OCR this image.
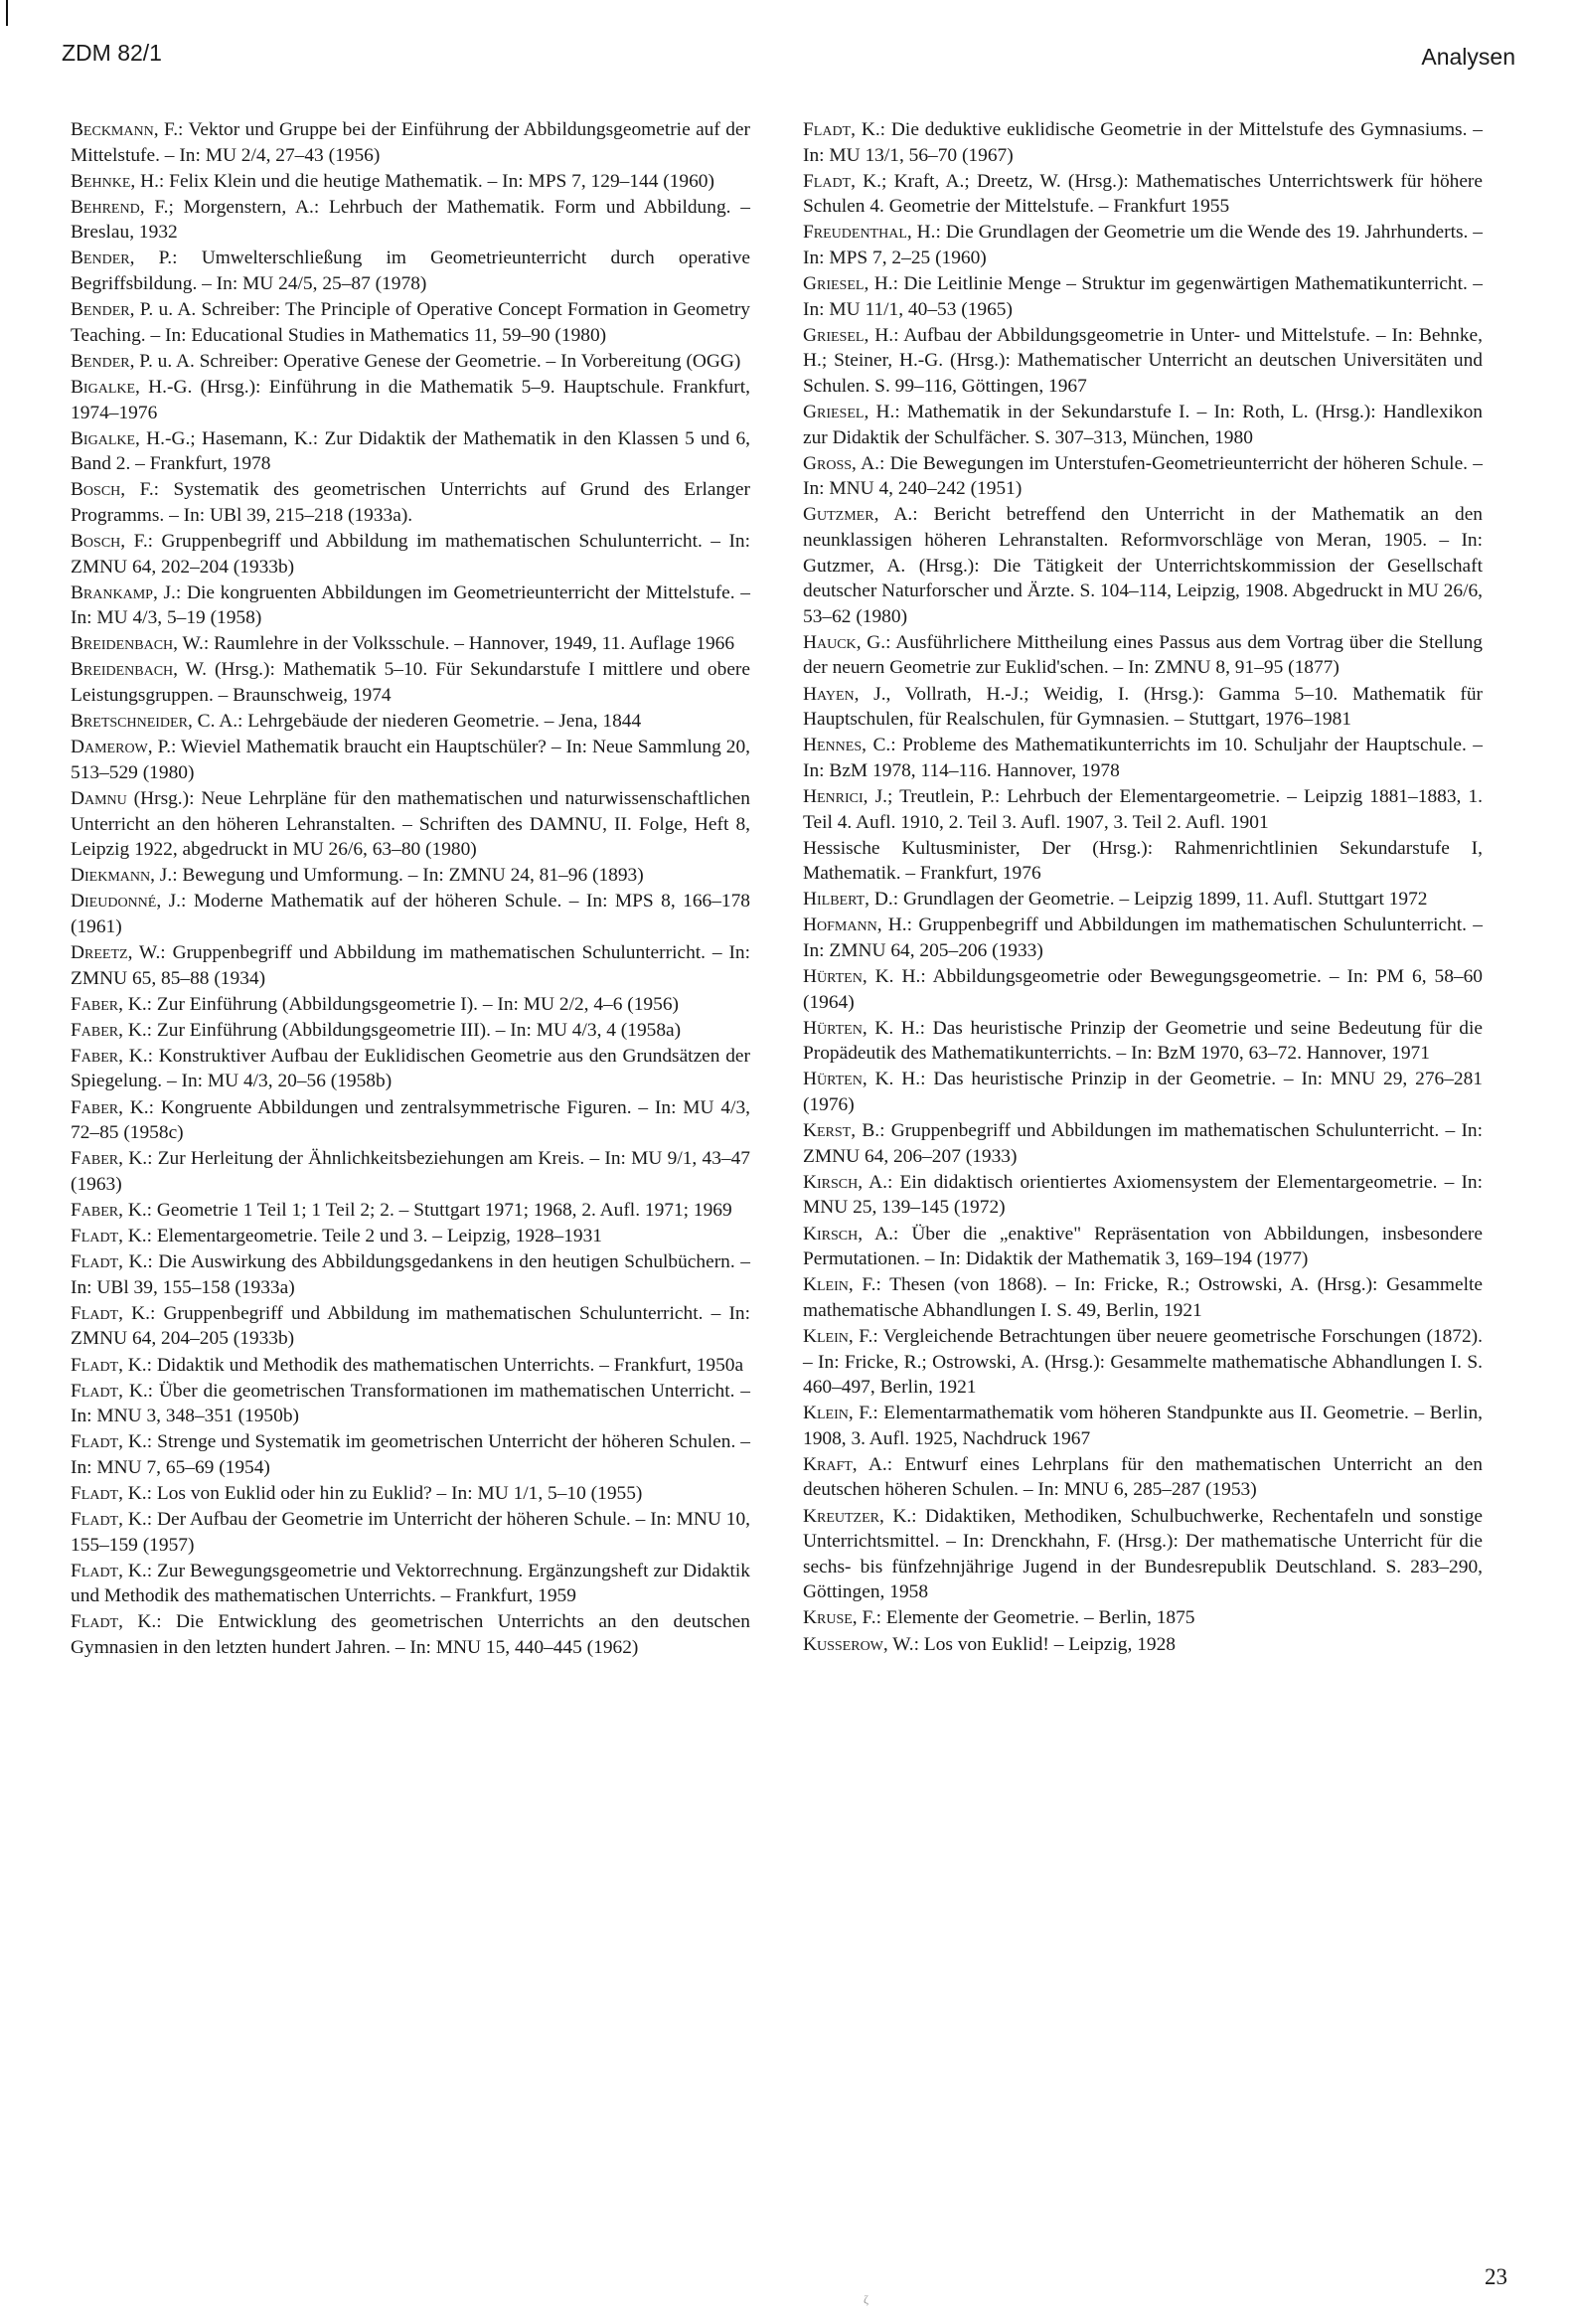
ZDM 82/1	Analysen

Beckmann, F.: Vektor und Gruppe bei der Einführung der Abbildungsgeometrie auf der Mittelstufe. – In: MU 2/4, 27–43 (1956)

Behnke, H.: Felix Klein und die heutige Mathematik. – In: MPS 7, 129–144 (1960)

Behrend, F.; Morgenstern, A.: Lehrbuch der Mathematik. Form und Abbildung. – Breslau, 1932

Bender, P.: Umwelterschließung im Geometrieunterricht durch operative Begriffsbildung. – In: MU 24/5, 25–87 (1978)

Bender, P. u. A. Schreiber: The Principle of Operative Concept Formation in Geometry Teaching. – In: Educational Studies in Mathematics 11, 59–90 (1980)

Bender, P. u. A. Schreiber: Operative Genese der Geometrie. – In Vorbereitung (OGG)

Bigalke, H.-G. (Hrsg.): Einführung in die Mathematik 5–9. Hauptschule. Frankfurt, 1974–1976

Bigalke, H.-G.; Hasemann, K.: Zur Didaktik der Mathematik in den Klassen 5 und 6, Band 2. – Frankfurt, 1978

Bosch, F.: Systematik des geometrischen Unterrichts auf Grund des Erlanger Programms. – In: UBl 39, 215–218 (1933a).

Bosch, F.: Gruppenbegriff und Abbildung im mathematischen Schulunterricht. – In: ZMNU 64, 202–204 (1933b)

Brankamp, J.: Die kongruenten Abbildungen im Geometrieunterricht der Mittelstufe. – In: MU 4/3, 5–19 (1958)

Breidenbach, W.: Raumlehre in der Volksschule. – Hannover, 1949, 11. Auflage 1966

Breidenbach, W. (Hrsg.): Mathematik 5–10. Für Sekundarstufe I mittlere und obere Leistungsgruppen. – Braunschweig, 1974

Bretschneider, C. A.: Lehrgebäude der niederen Geometrie. – Jena, 1844

Damerow, P.: Wieviel Mathematik braucht ein Hauptschüler? – In: Neue Sammlung 20, 513–529 (1980)

Damnu (Hrsg.): Neue Lehrpläne für den mathematischen und naturwissenschaftlichen Unterricht an den höheren Lehranstalten. – Schriften des DAMNU, II. Folge, Heft 8, Leipzig 1922, abgedruckt in MU 26/6, 63–80 (1980)

Diekmann, J.: Bewegung und Umformung. – In: ZMNU 24, 81–96 (1893)

Dieudonné, J.: Moderne Mathematik auf der höheren Schule. – In: MPS 8, 166–178 (1961)

Dreetz, W.: Gruppenbegriff und Abbildung im mathematischen Schulunterricht. – In: ZMNU 65, 85–88 (1934)

Faber, K.: Zur Einführung (Abbildungsgeometrie I). – In: MU 2/2, 4–6 (1956)

Faber, K.: Zur Einführung (Abbildungsgeometrie III). – In: MU 4/3, 4 (1958a)

Faber, K.: Konstruktiver Aufbau der Euklidischen Geometrie aus den Grundsätzen der Spiegelung. – In: MU 4/3, 20–56 (1958b)

Faber, K.: Kongruente Abbildungen und zentralsymmetrische Figuren. – In: MU 4/3, 72–85 (1958c)

Faber, K.: Zur Herleitung der Ähnlichkeitsbeziehungen am Kreis. – In: MU 9/1, 43–47 (1963)

Faber, K.: Geometrie 1 Teil 1; 1 Teil 2; 2. – Stuttgart 1971; 1968, 2. Aufl. 1971; 1969

Fladt, K.: Elementargeometrie. Teile 2 und 3. – Leipzig, 1928–1931

Fladt, K.: Die Auswirkung des Abbildungsgedankens in den heutigen Schulbüchern. – In: UBl 39, 155–158 (1933a)

Fladt, K.: Gruppenbegriff und Abbildung im mathematischen Schulunterricht. – In: ZMNU 64, 204–205 (1933b)

Fladt, K.: Didaktik und Methodik des mathematischen Unterrichts. – Frankfurt, 1950a

Fladt, K.: Über die geometrischen Transformationen im mathematischen Unterricht. – In: MNU 3, 348–351 (1950b)

Fladt, K.: Strenge und Systematik im geometrischen Unterricht der höheren Schulen. – In: MNU 7, 65–69 (1954)

Fladt, K.: Los von Euklid oder hin zu Euklid? – In: MU 1/1, 5–10 (1955)

Fladt, K.: Der Aufbau der Geometrie im Unterricht der höheren Schule. – In: MNU 10, 155–159 (1957)

Fladt, K.: Zur Bewegungsgeometrie und Vektorrechnung. Ergänzungsheft zur Didaktik und Methodik des mathematischen Unterrichts. – Frankfurt, 1959

Fladt, K.: Die Entwicklung des geometrischen Unterrichts an den deutschen Gymnasien in den letzten hundert Jahren. – In: MNU 15, 440–445 (1962)

Fladt, K.: Die deduktive euklidische Geometrie in der Mittelstufe des Gymnasiums. – In: MU 13/1, 56–70 (1967)

Fladt, K.; Kraft, A.; Dreetz, W. (Hrsg.): Mathematisches Unterrichtswerk für höhere Schulen 4. Geometrie der Mittelstufe. – Frankfurt 1955

Freudenthal, H.: Die Grundlagen der Geometrie um die Wende des 19. Jahrhunderts. – In: MPS 7, 2–25 (1960)

Griesel, H.: Die Leitlinie Menge – Struktur im gegenwärtigen Mathematikunterricht. – In: MU 11/1, 40–53 (1965)

Griesel, H.: Aufbau der Abbildungsgeometrie in Unter- und Mittelstufe. – In: Behnke, H.; Steiner, H.-G. (Hrsg.): Mathematischer Unterricht an deutschen Universitäten und Schulen. S. 99–116, Göttingen, 1967

Griesel, H.: Mathematik in der Sekundarstufe I. – In: Roth, L. (Hrsg.): Handlexikon zur Didaktik der Schulfächer. S. 307–313, München, 1980

Gross, A.: Die Bewegungen im Unterstufen-Geometrieunterricht der höheren Schule. – In: MNU 4, 240–242 (1951)

Gutzmer, A.: Bericht betreffend den Unterricht in der Mathematik an den neunklassigen höheren Lehranstalten. Reformvorschläge von Meran, 1905. – In: Gutzmer, A. (Hrsg.): Die Tätigkeit der Unterrichtskommission der Gesellschaft deutscher Naturforscher und Ärzte. S. 104–114, Leipzig, 1908. Abgedruckt in MU 26/6, 53–62 (1980)

Hauck, G.: Ausführlichere Mittheilung eines Passus aus dem Vortrag über die Stellung der neuern Geometrie zur Euklid'schen. – In: ZMNU 8, 91–95 (1877)

Hayen, J., Vollrath, H.-J.; Weidig, I. (Hrsg.): Gamma 5–10. Mathematik für Hauptschulen, für Realschulen, für Gymnasien. – Stuttgart, 1976–1981

Hennes, C.: Probleme des Mathematikunterrichts im 10. Schuljahr der Hauptschule. – In: BzM 1978, 114–116. Hannover, 1978

Henrici, J.; Treutlein, P.: Lehrbuch der Elementargeometrie. – Leipzig 1881–1883, 1. Teil 4. Aufl. 1910, 2. Teil 3. Aufl. 1907, 3. Teil 2. Aufl. 1901

Hessische Kultusminister, Der (Hrsg.): Rahmenrichtlinien Sekundarstufe I, Mathematik. – Frankfurt, 1976

Hilbert, D.: Grundlagen der Geometrie. – Leipzig 1899, 11. Aufl. Stuttgart 1972

Hofmann, H.: Gruppenbegriff und Abbildungen im mathematischen Schulunterricht. – In: ZMNU 64, 205–206 (1933)

Hürten, K. H.: Abbildungsgeometrie oder Bewegungsgeometrie. – In: PM 6, 58–60 (1964)

Hürten, K. H.: Das heuristische Prinzip der Geometrie und seine Bedeutung für die Propädeutik des Mathematikunterrichts. – In: BzM 1970, 63–72. Hannover, 1971

Hürten, K. H.: Das heuristische Prinzip in der Geometrie. – In: MNU 29, 276–281 (1976)

Kerst, B.: Gruppenbegriff und Abbildungen im mathematischen Schulunterricht. – In: ZMNU 64, 206–207 (1933)

Kirsch, A.: Ein didaktisch orientiertes Axiomensystem der Elementargeometrie. – In: MNU 25, 139–145 (1972)

Kirsch, A.: Über die „enaktive" Repräsentation von Abbildungen, insbesondere Permutationen. – In: Didaktik der Mathematik 3, 169–194 (1977)

Klein, F.: Thesen (von 1868). – In: Fricke, R.; Ostrowski, A. (Hrsg.): Gesammelte mathematische Abhandlungen I. S. 49, Berlin, 1921

Klein, F.: Vergleichende Betrachtungen über neuere geometrische Forschungen (1872). – In: Fricke, R.; Ostrowski, A. (Hrsg.): Gesammelte mathematische Abhandlungen I. S. 460–497, Berlin, 1921

Klein, F.: Elementarmathematik vom höheren Standpunkte aus II. Geometrie. – Berlin, 1908, 3. Aufl. 1925, Nachdruck 1967

Kraft, A.: Entwurf eines Lehrplans für den mathematischen Unterricht an den deutschen höheren Schulen. – In: MNU 6, 285–287 (1953)

Kreutzer, K.: Didaktiken, Methodiken, Schulbuchwerke, Rechentafeln und sonstige Unterrichtsmittel. – In: Drenckhahn, F. (Hrsg.): Der mathematische Unterricht für die sechs- bis fünfzehnjährige Jugend in der Bundesrepublik Deutschland. S. 283–290, Göttingen, 1958

Kruse, F.: Elemente der Geometrie. – Berlin, 1875

Kusserow, W.: Los von Euklid! – Leipzig, 1928

23
ζ
